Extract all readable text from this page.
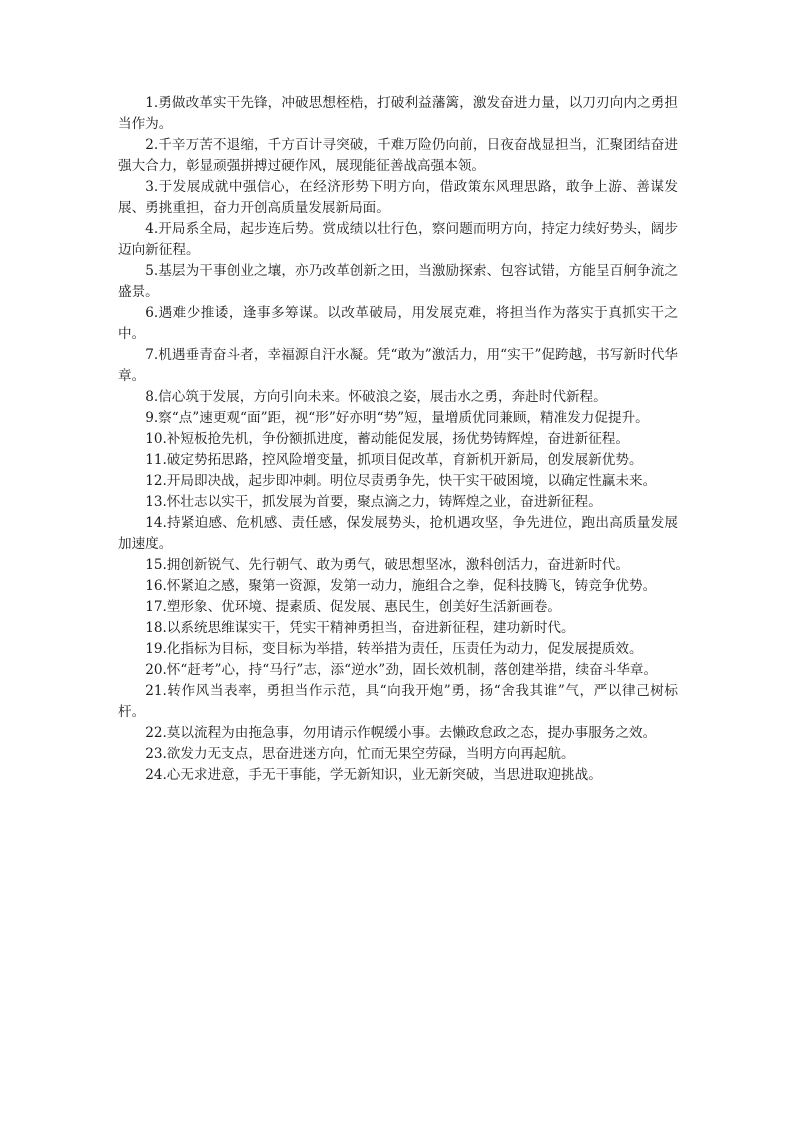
1.勇做改革实干先锋，冲破思想桎梏，打破利益藩篱，激发奋进力量，以刀刃向内之勇担当作为。

2.千辛万苦不退缩，千方百计寻突破，千难万险仍向前，日夜奋战显担当，汇聚团结奋进强大合力，彰显顽强拼搏过硬作风，展现能征善战高强本领。

3.于发展成就中强信心，在经济形势下明方向，借政策东风理思路，敢争上游、善谋发展、勇挑重担，奋力开创高质量发展新局面。

4.开局系全局，起步连后势。赏成绩以壮行色，察问题而明方向，持定力续好势头，阔步迈向新征程。

5.基层为干事创业之壤，亦乃改革创新之田，当激励探索、包容试错，方能呈百舸争流之盛景。

6.遇难少推诿，逢事多筹谋。以改革破局，用发展克难，将担当作为落实于真抓实干之中。

7.机遇垂青奋斗者，幸福源自汗水凝。凭“敢为”激活力，用“实干”促跨越，书写新时代华章。

8.信心筑于发展，方向引向未来。怀破浪之姿，展击水之勇，奔赴时代新程。

9.察“点”速更观“面”距，视“形”好亦明“势”短，量增质优同兼顾，精准发力促提升。

10.补短板抢先机，争份额抓进度，蓄动能促发展，扬优势铸辉煌，奋进新征程。

11.破定势拓思路，控风险增变量，抓项目促改革，育新机开新局，创发展新优势。

12.开局即决战，起步即冲刺。明位尽责勇争先，快干实干破困境，以确定性赢未来。

13.怀壮志以实干，抓发展为首要，聚点滴之力，铸辉煌之业，奋进新征程。

14.持紧迫感、危机感、责任感，保发展势头，抢机遇攻坚，争先进位，跑出高质量发展加速度。

15.拥创新锐气、先行朝气、敢为勇气，破思想坚冰，激科创活力，奋进新时代。

16.怀紧迫之感，聚第一资源，发第一动力，施组合之拳，促科技腾飞，铸竞争优势。

17.塑形象、优环境、提素质、促发展、惠民生，创美好生活新画卷。

18.以系统思维谋实干，凭实干精神勇担当，奋进新征程，建功新时代。

19.化指标为目标，变目标为举措，转举措为责任，压责任为动力，促发展提质效。

20.怀“赶考”心，持“马行”志，添“逆水”劲，固长效机制，落创建举措，续奋斗华章。

21.转作风当表率，勇担当作示范，具“向我开炮”勇，扬“舍我其谁”气，严以律己树标杆。

22.莫以流程为由拖急事，勿用请示作幌缓小事。去懒政怠政之态，提办事服务之效。

23.欲发力无支点，思奋进迷方向，忙而无果空劳碌，当明方向再起航。

24.心无求进意，手无干事能，学无新知识，业无新突破，当思进取迎挑战。
